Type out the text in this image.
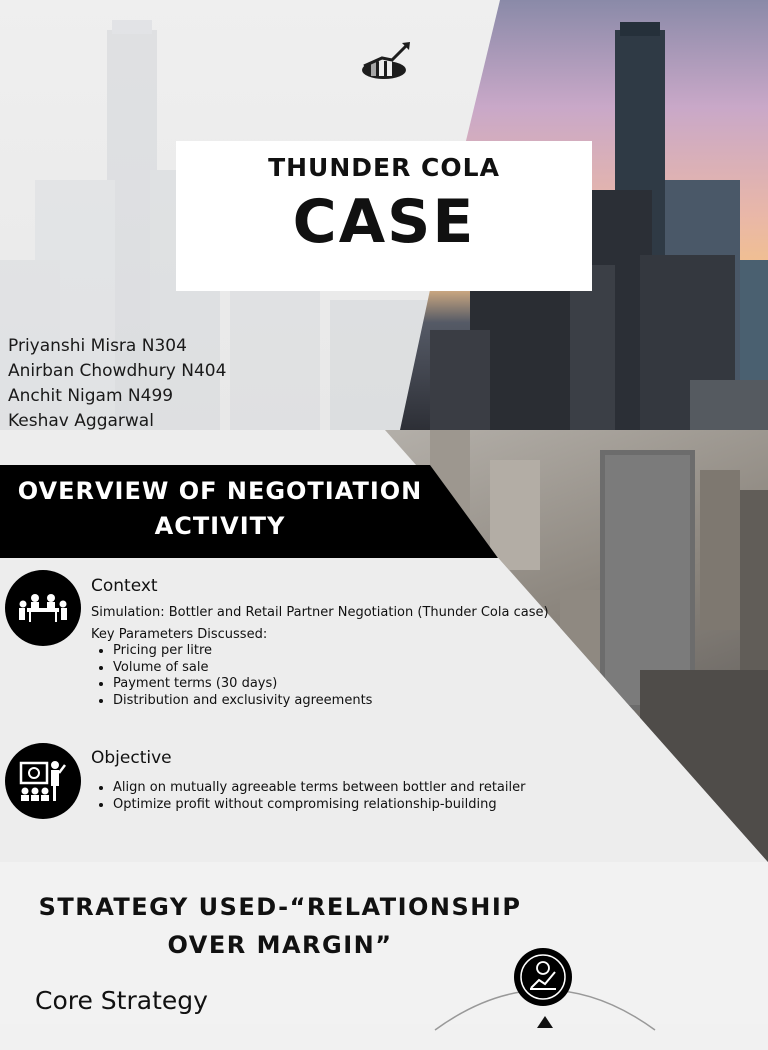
THUNDER COLA
CASE
Priyanshi Misra N304
Anirban Chowdhury N404
Anchit Nigam N499
Keshav Aggarwal
OVERVIEW OF NEGOTIATION
ACTIVITY
Context
Simulation: Bottler and Retail Partner Negotiation (Thunder Cola case)
Key Parameters Discussed:
• Pricing per litre
• Volume of sale
• Payment terms (30 days)
• Distribution and exclusivity agreements
Objective
• Align on mutually agreeable terms between bottler and retailer
• Optimize profit without compromising relationship-building
STRATEGY USED-“RELATIONSHIP
OVER MARGIN”
Core Strategy
